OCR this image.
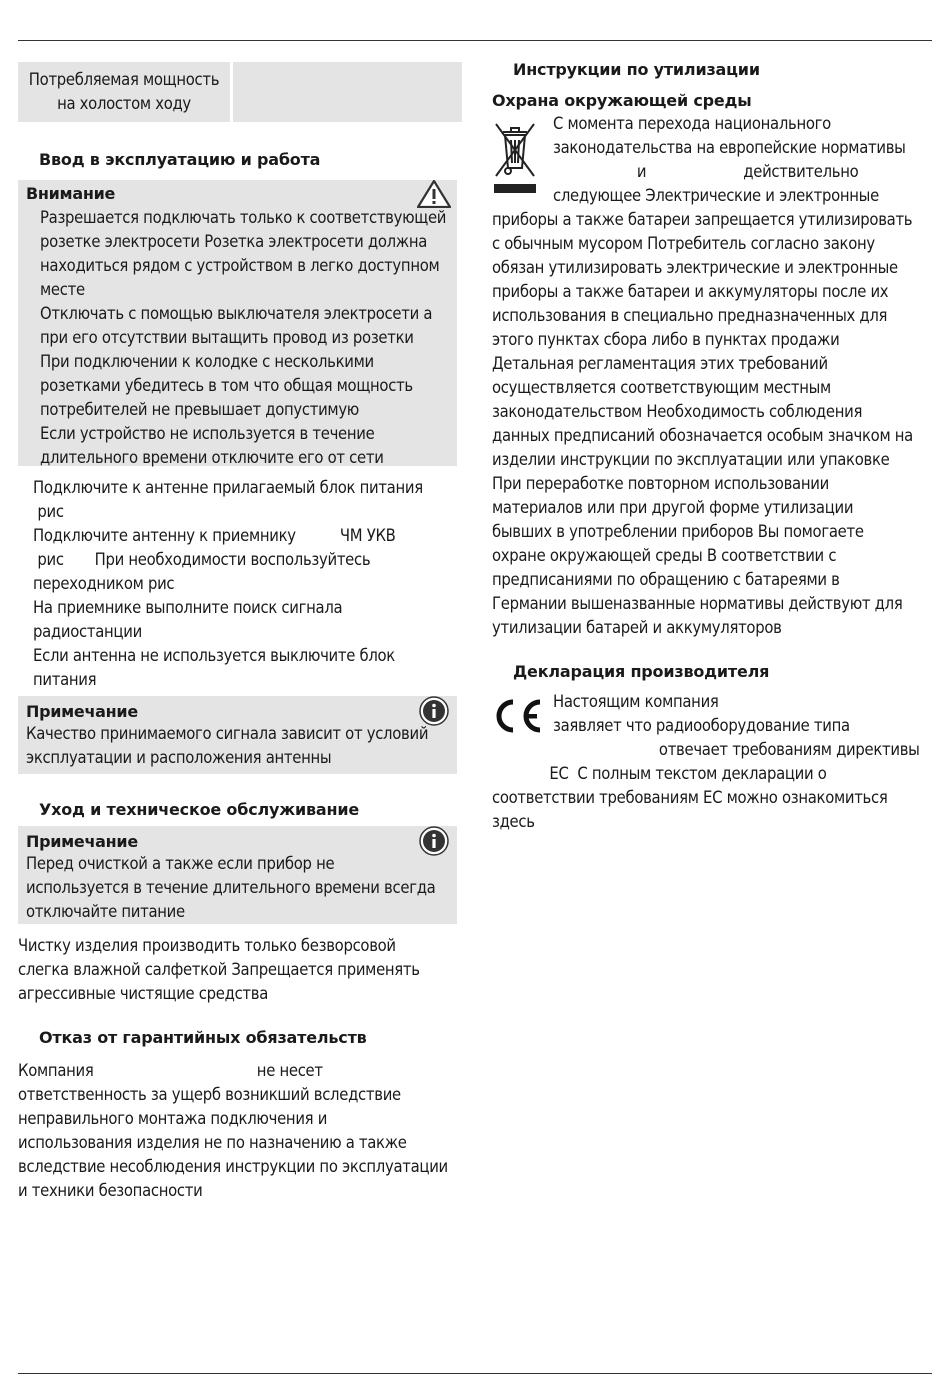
Потребляемая мощность
на холостом ходу
Ввод в эксплуатацию и работа
Внимание
Разрешается подключать только к соответствующей
розетке электросети Розетка электросети должна
находиться рядом с устройством в легко доступном
месте
Отключать с помощью выключателя электросети а
при его отсутствии вытащить провод из розетки
При подключении к колодке с несколькими
розетками убедитесь в том что общая мощность
потребителей не превышает допустимую
Если устройство не используется в течение
длительного времени отключите его от сети
Подключите к антенне прилагаемый блок питания
рис
Подключите антенну к приемнику          ЧМ УКВ
рис       При необходимости воспользуйтесь
переходником рис
На приемнике выполните поиск сигнала
радиостанции
Если антенна не используется выключите блок
питания
Примечание
Качество принимаемого сигнала зависит от условий
эксплуатации и расположения антенны
Уход и техническое обслуживание
Примечание
Перед очисткой а также если прибор не
используется в течение длительного времени всегда
отключайте питание
Чистку изделия производить только безворсовой
слегка влажной салфеткой Запрещается применять
агрессивные чистящие средства
Отказ от гарантийных обязательств
Компания                                     не несет
ответственность за ущерб возникший вследствие
неправильного монтажа подключения и
использования изделия не по назначению а также
вследствие несоблюдения инструкции по эксплуатации
и техники безопасности
Инструкции по утилизации
Охрана окружающей среды
С момента перехода национального
законодательства на европейские нормативы
и                      действительно
следующее Электрические и электронные
приборы а также батареи запрещается утилизировать
с обычным мусором Потребитель согласно закону
обязан утилизировать электрические и электронные
приборы а также батареи и аккумуляторы после их
использования в специально предназначенных для
этого пунктах сбора либо в пунктах продажи
Детальная регламентация этих требований
осуществляется соответствующим местным
законодательством Необходимость соблюдения
данных предписаний обозначается особым значком на
изделии инструкции по эксплуатации или упаковке
При переработке повторном использовании
материалов или при другой форме утилизации
бывших в употреблении приборов Вы помогаете
охране окружающей среды В соответствии с
предписаниями по обращению с батареями в
Германии вышеназванные нормативы действуют для
утилизации батарей и аккумуляторов
Декларация производителя
Настоящим компания
заявляет что радиооборудование типа
отвечает требованиям директивы
ЕС  С полным текстом декларации о
соответствии требованиям ЕС можно ознакомиться
здесь
